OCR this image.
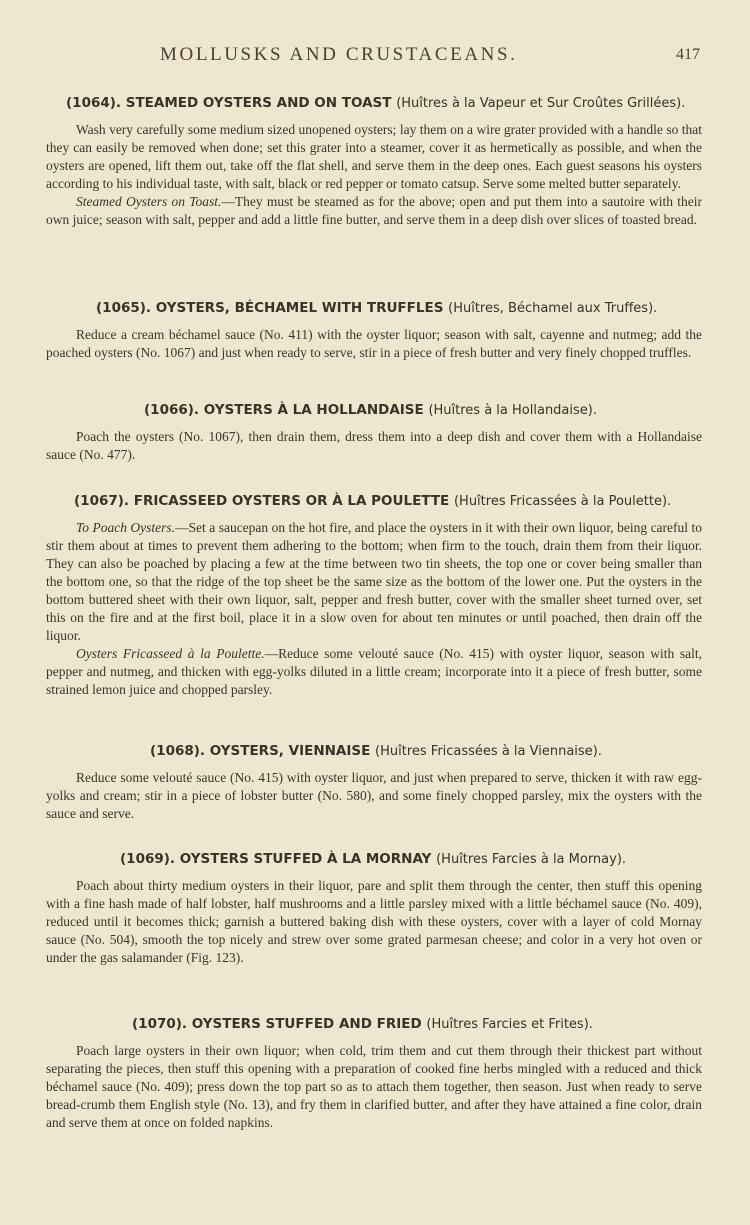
MOLLUSKS AND CRUSTACEANS.	417
(1064). STEAMED OYSTERS AND ON TOAST (Huîtres à la Vapeur et Sur Croûtes Grillées).

Wash very carefully some medium sized unopened oysters; lay them on a wire grater provided with a handle so that they can easily be removed when done; set this grater into a steamer, cover it as hermetically as possible, and when the oysters are opened, lift them out, take off the flat shell, and serve them in the deep ones. Each guest seasons his oysters according to his individual taste, with salt, black or red pepper or tomato catsup. Serve some melted butter separately.

Steamed Oysters on Toast.—They must be steamed as for the above; open and put them into a sautoire with their own juice; season with salt, pepper and add a little fine butter, and serve them in a deep dish over slices of toasted bread.

(1065). OYSTERS, BÉCHAMEL WITH TRUFFLES (Huîtres, Béchamel aux Truffes).

Reduce a cream béchamel sauce (No. 411) with the oyster liquor; season with salt, cayenne and nutmeg; add the poached oysters (No. 1067) and just when ready to serve, stir in a piece of fresh butter and very finely chopped truffles.

(1066). OYSTERS À LA HOLLANDAISE (Huîtres à la Hollandaise).

Poach the oysters (No. 1067), then drain them, dress them into a deep dish and cover them with a Hollandaise sauce (No. 477).

(1067). FRICASSEED OYSTERS OR À LA POULETTE (Huîtres Fricassées à la Poulette).

To Poach Oysters.—Set a saucepan on the hot fire, and place the oysters in it with their own liquor, being careful to stir them about at times to prevent them adhering to the bottom; when firm to the touch, drain them from their liquor. They can also be poached by placing a few at the time between two tin sheets, the top one or cover being smaller than the bottom one, so that the ridge of the top sheet be the same size as the bottom of the lower one. Put the oysters in the bottom buttered sheet with their own liquor, salt, pepper and fresh butter, cover with the smaller sheet turned over, set this on the fire and at the first boil, place it in a slow oven for about ten minutes or until poached, then drain off the liquor.

Oysters Fricasseed à la Poulette.—Reduce some velouté sauce (No. 415) with oyster liquor, season with salt, pepper and nutmeg, and thicken with egg-yolks diluted in a little cream; incorporate into it a piece of fresh butter, some strained lemon juice and chopped parsley.

(1068). OYSTERS, VIENNAISE (Huîtres Fricassées à la Viennaise).

Reduce some velouté sauce (No. 415) with oyster liquor, and just when prepared to serve, thicken it with raw egg-yolks and cream; stir in a piece of lobster butter (No. 580), and some finely chopped parsley, mix the oysters with the sauce and serve.

(1069). OYSTERS STUFFED À LA MORNAY (Huîtres Farcies à la Mornay).

Poach about thirty medium oysters in their liquor, pare and split them through the center, then stuff this opening with a fine hash made of half lobster, half mushrooms and a little parsley mixed with a little béchamel sauce (No. 409), reduced until it becomes thick; garnish a buttered baking dish with these oysters, cover with a layer of cold Mornay sauce (No. 504), smooth the top nicely and strew over some grated parmesan cheese; and color in a very hot oven or under the gas salamander (Fig. 123).

(1070). OYSTERS STUFFED AND FRIED (Huîtres Farcies et Frites).

Poach large oysters in their own liquor; when cold, trim them and cut them through their thickest part without separating the pieces, then stuff this opening with a preparation of cooked fine herbs mingled with a reduced and thick béchamel sauce (No. 409); press down the top part so as to attach them together, then season. Just when ready to serve bread-crumb them English style (No. 13), and fry them in clarified butter, and after they have attained a fine color, drain and serve them at once on folded napkins.
